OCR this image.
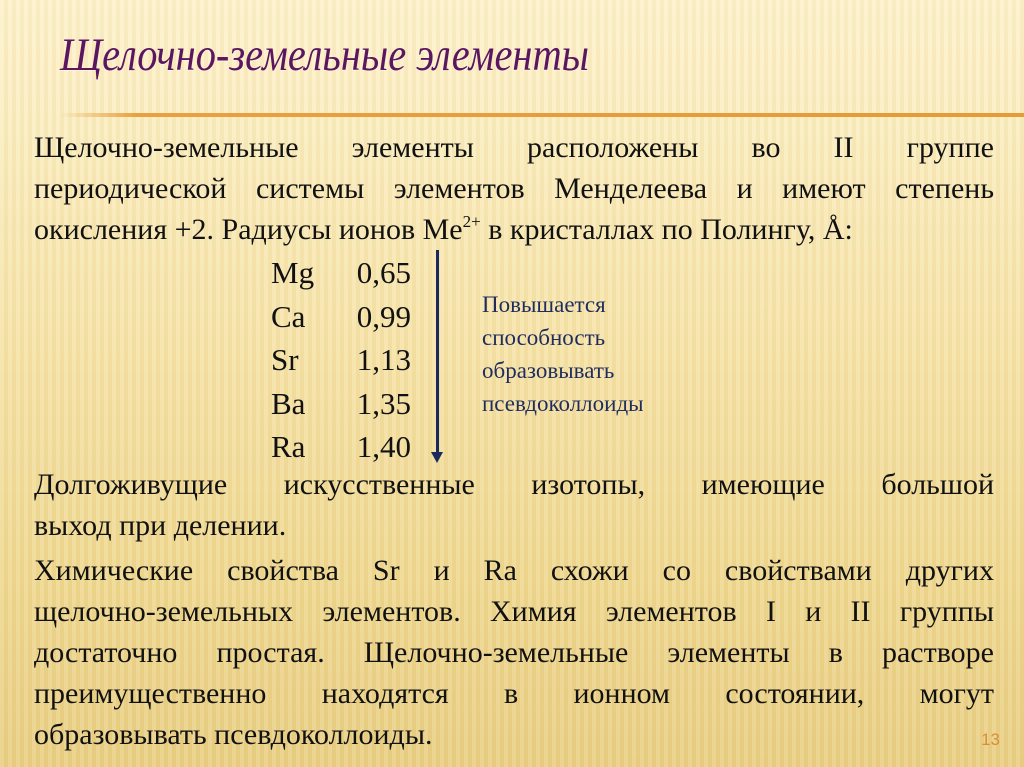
Щелочно-земельные элементы
Щелочно-земельные элементы расположены во II группе
периодической системы элементов Менделеева и имеют степень
окисления +2. Радиусы ионов $Me^{2+}$ в кристаллах по Полингу, Å:
Mg	0,65
Ca	0,99
Sr	1,13
Ba	1,35
Ra	1,40
Повышается
способность
образовывать
псевдоколлоиды
Долгоживущие искусственные изотопы, имеющие большой
выход при делении.
Химические свойства Sr и Ra схожи со свойствами других
щелочно-земельных элементов. Химия элементов I и II группы
достаточно простая. Щелочно-земельные элементы в растворе
преимущественно находятся в ионном состоянии, могут
образовывать псевдоколлоиды.	13
